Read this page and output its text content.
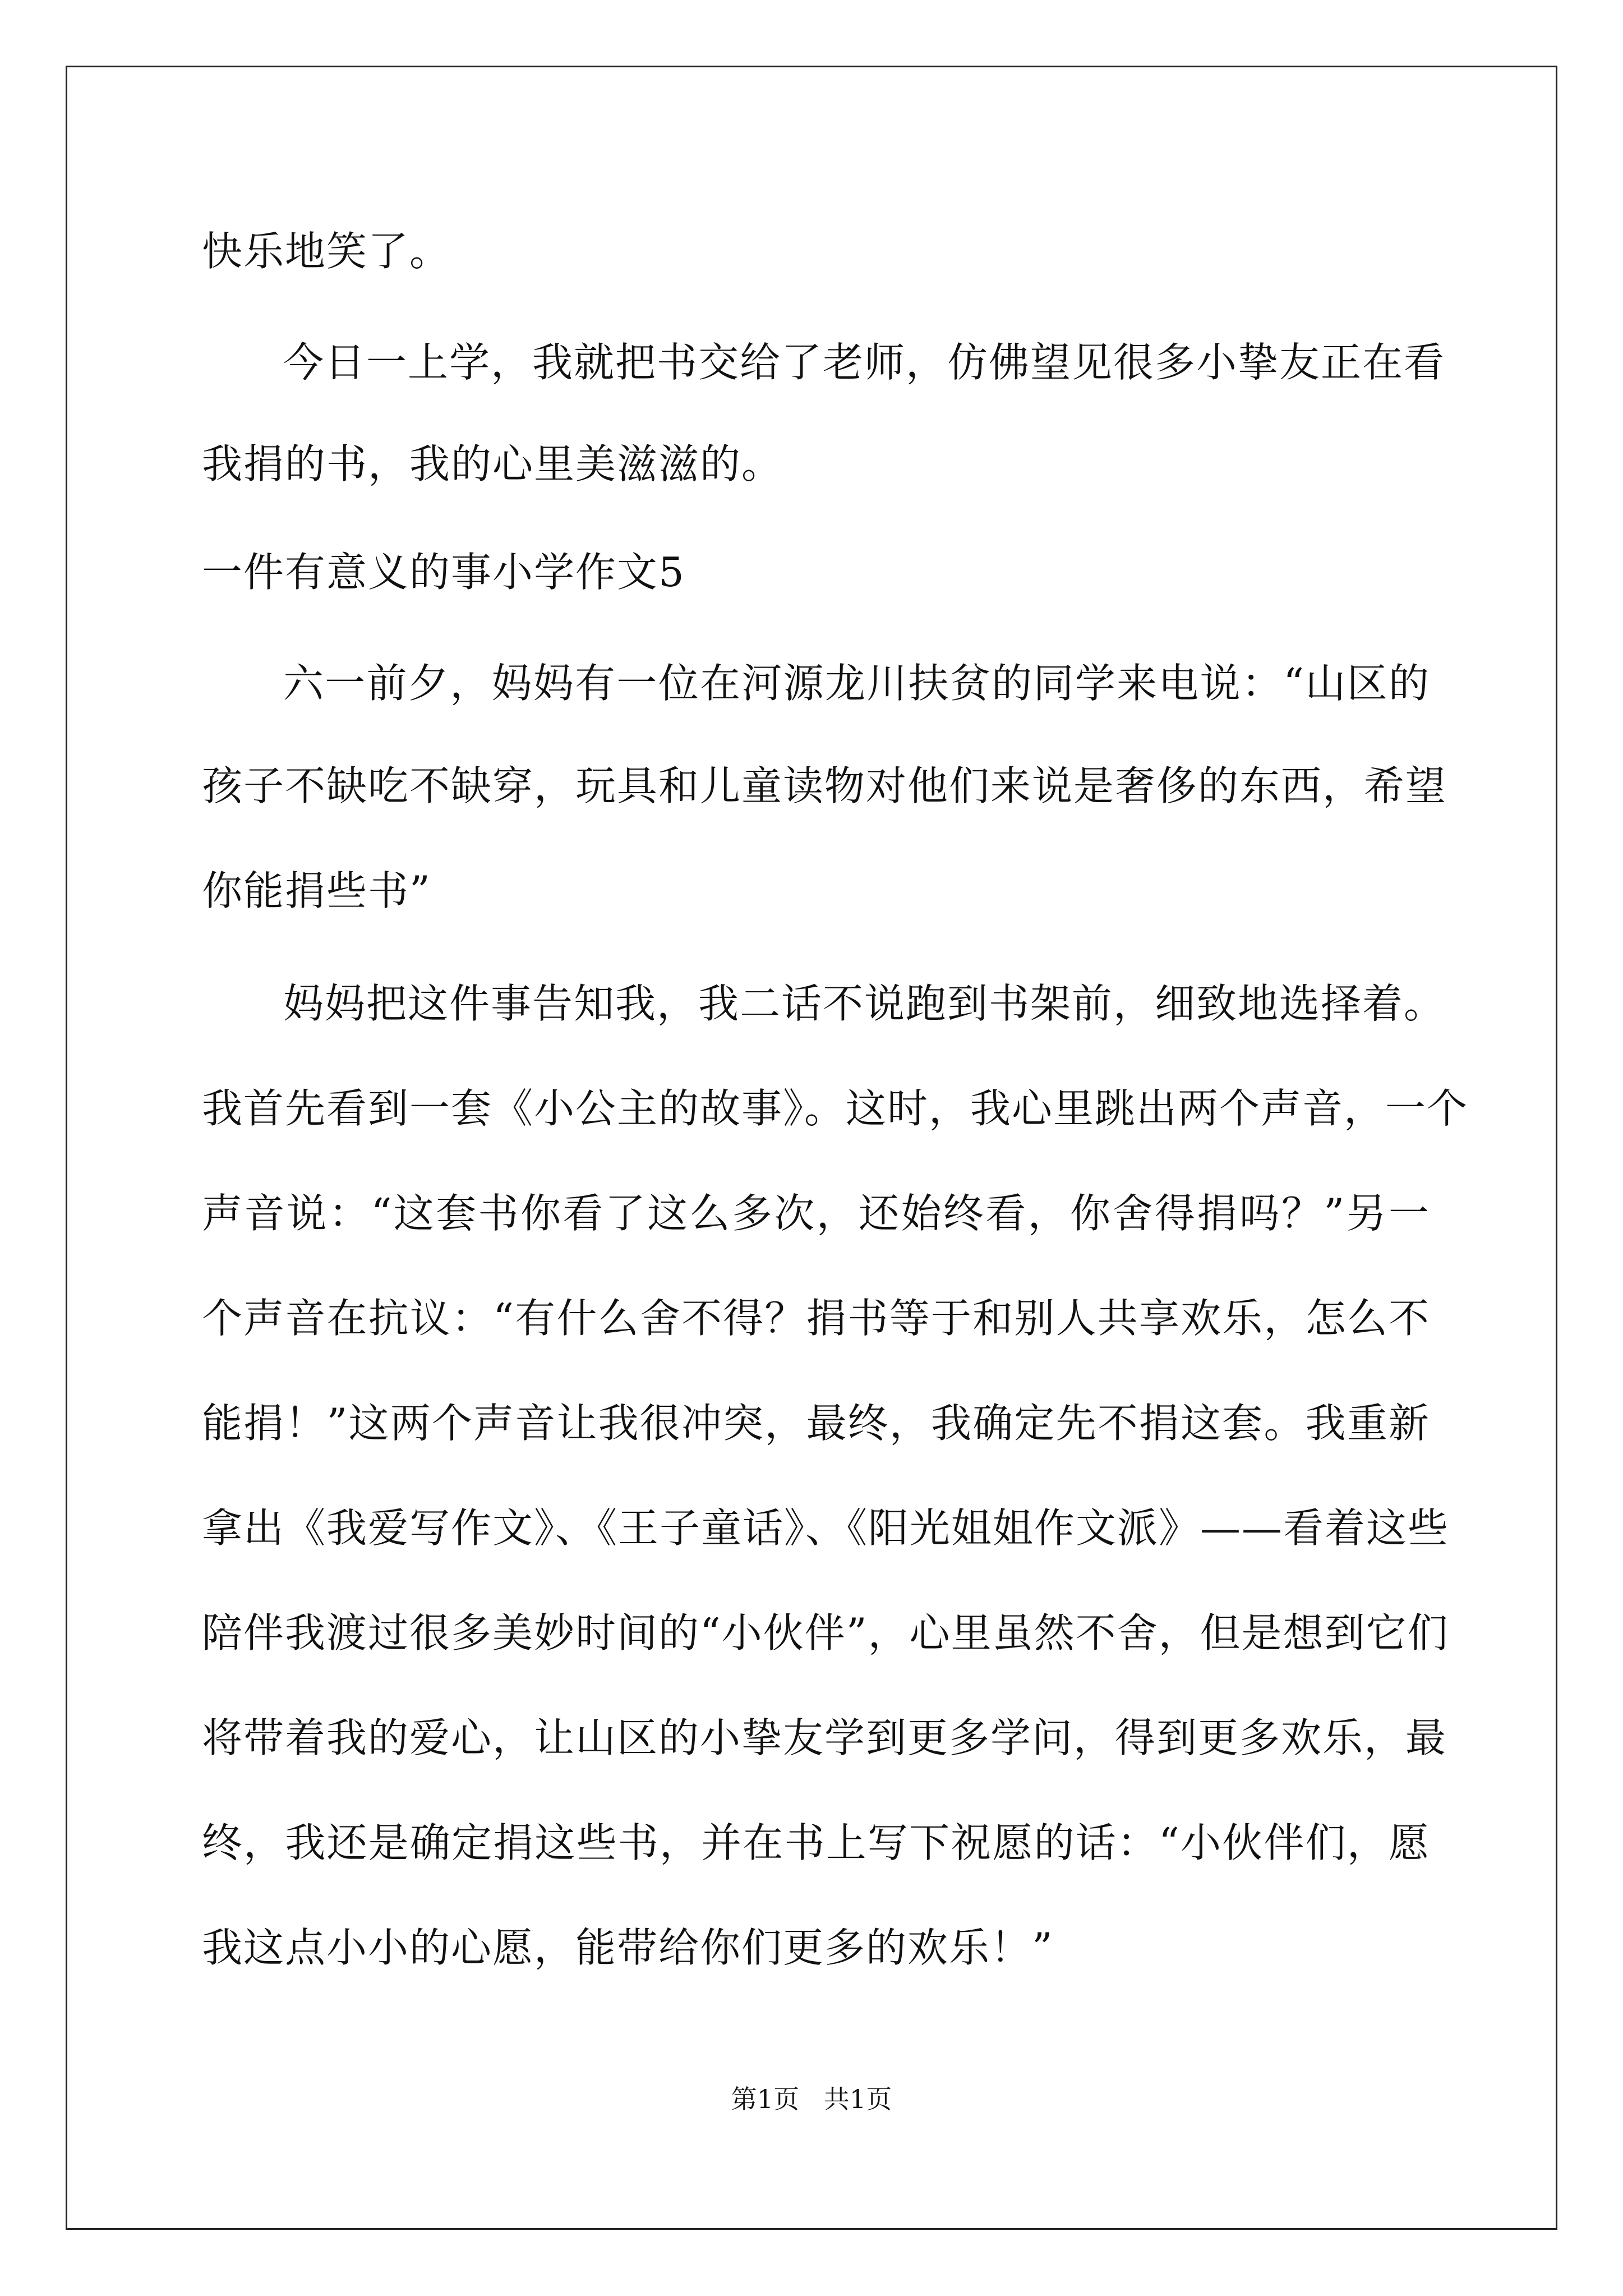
快乐地笑了。
今日一上学，我就把书交给了老师，仿佛望见很多小挚友正在看
我捐的书，我的心里美滋滋的。
一件有意义的事小学作文5
六一前夕，妈妈有一位在河源龙川扶贫的同学来电说：“山区的
孩子不缺吃不缺穿，玩具和儿童读物对他们来说是奢侈的东西，希望
你能捐些书”
妈妈把这件事告知我，我二话不说跑到书架前，细致地选择着。
我首先看到一套《小公主的故事》。这时，我心里跳出两个声音，一个
声音说：“这套书你看了这么多次，还始终看，你舍得捐吗？”另一
个声音在抗议：“有什么舍不得？捐书等于和别人共享欢乐，怎么不
能捐！”这两个声音让我很冲突，最终，我确定先不捐这套。我重新
拿出《我爱写作文》、《王子童话》、《阳光姐姐作文派》——看着这些
陪伴我渡过很多美妙时间的“小伙伴”，心里虽然不舍，但是想到它们
将带着我的爱心，让山区的小挚友学到更多学问，得到更多欢乐，最
终，我还是确定捐这些书，并在书上写下祝愿的话：“小伙伴们，愿
我这点小小的心愿，能带给你们更多的欢乐！”
第1页   共1页
